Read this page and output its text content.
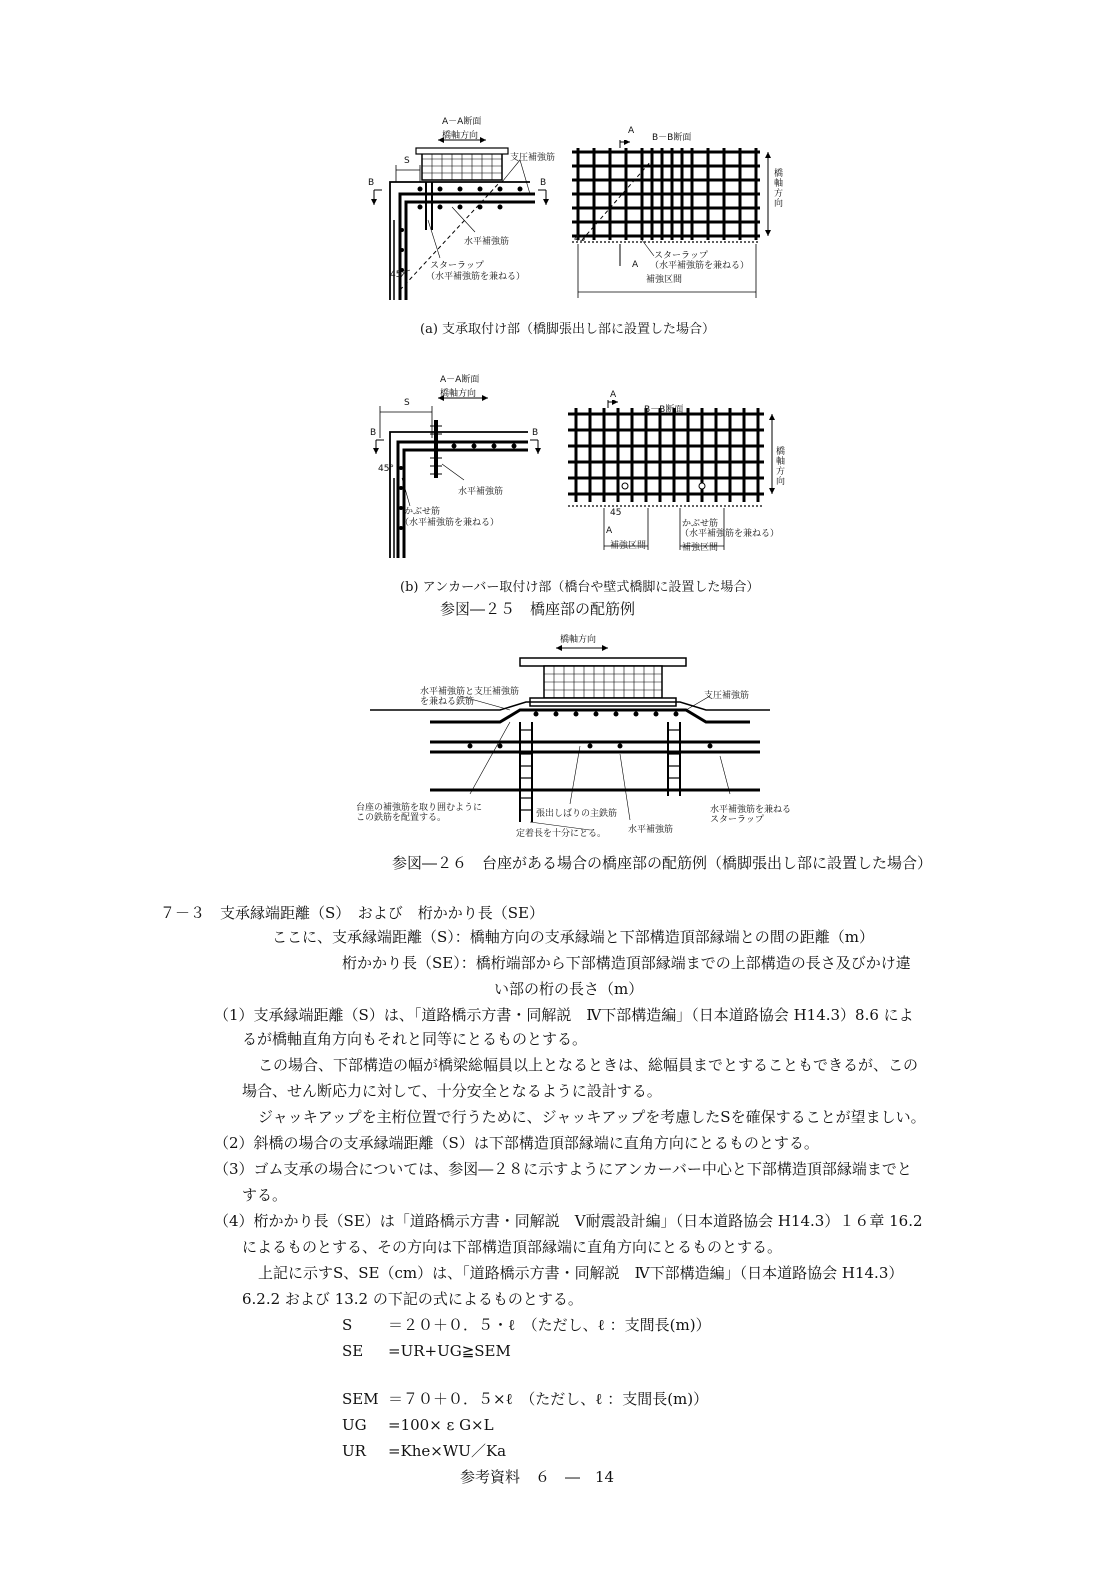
A－A断面
橋軸方向
S
B	B
支圧補強筋
水平補強筋
スターラップ
（水平補強筋を兼ねる）
45°
A
B－B断面
橋軸方向
45
スターラップ
A （水平補強筋を兼ねる）
補強区間
(a) 支承取付け部（橋脚張出し部に設置した場合）
A－A断面
橋軸方向
S
B	B
45°
水平補強筋
かぶせ筋
（水平補強筋を兼ねる）
A
B－B断面
橋軸方向
45
A
補強区間
かぶせ筋
（水平補強筋を兼ねる）
補強区間
(b) アンカーバー取付け部（橋台や壁式橋脚に設置した場合）
参図―２５　橋座部の配筋例
橋軸方向
水平補強筋と支圧補強筋
を兼ねる鉄筋
支圧補強筋
台座の補強筋を取り囲むように
この鉄筋を配置する。	張出しばりの主鉄筋
定着長を十分にとる。 水平補強筋
水平補強筋を兼ねる
スターラップ
参図―２６　台座がある場合の橋座部の配筋例（橋脚張出し部に設置した場合）
７－３　支承縁端距離（S）　および　桁かかり長（SE）
ここに、支承縁端距離（S）：橋軸方向の支承縁端と下部構造頂部縁端との間の距離（m）
桁かかり長（SE）：橋桁端部から下部構造頂部縁端までの上部構造の長さ及びかけ違
い部の桁の長さ（m）
（1）支承縁端距離（S）は、「道路橋示方書・同解説　Ⅳ下部構造編」（日本道路協会 H14.3）8.6 によ
るが橋軸直角方向もそれと同等にとるものとする。
この場合、下部構造の幅が橋梁総幅員以上となるときは、総幅員までとすることもできるが、この
場合、せん断応力に対して、十分安全となるように設計する。
ジャッキアップを主桁位置で行うために、ジャッキアップを考慮したSを確保することが望ましい。
（2）斜橋の場合の支承縁端距離（S）は下部構造頂部縁端に直角方向にとるものとする。
（3）ゴム支承の場合については、参図―２８に示すようにアンカーバー中心と下部構造頂部縁端までと
する。
（4）桁かかり長（SE）は「道路橋示方書・同解説　Ⅴ耐震設計編」（日本道路協会 H14.3）１６章 16.2
によるものとする、その方向は下部構造頂部縁端に直角方向にとるものとする。
上記に示すS、SE（cm）は、「道路橋示方書・同解説　Ⅳ下部構造編」（日本道路協会 H14.3）
6.2.2 および 13.2 の下記の式によるものとする。
S ＝２０＋０．５・ℓ　（ただし、ℓ ：支間長(m)）
SE =UR+UG≧SEM
SEM ＝７０＋０．５×ℓ　（ただし、ℓ ：支間長(m)）
UG =100× ε G×L
UR =Khe×WU／Ka
参考資料　６　―　14
